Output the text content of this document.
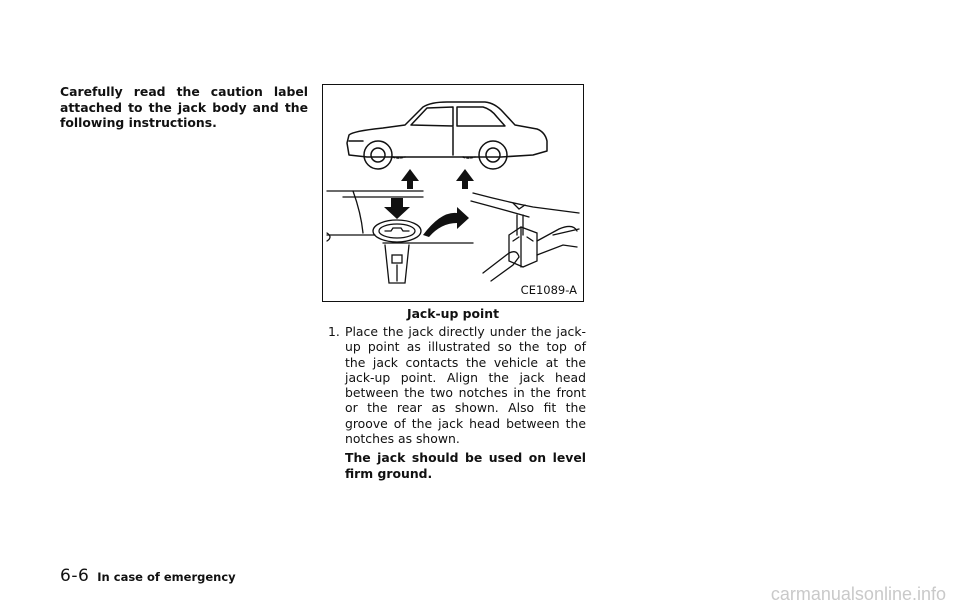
Carefully read the caution label attached to the jack body and the following instructions.
CE1089-A
Jack-up point
1. Place the jack directly under the jack-up point as illustrated so the top of the jack contacts the vehicle at the jack-up point. Align the jack head between the two notches in the front or the rear as shown. Also fit the groove of the jack head between the notches as shown.
The jack should be used on level firm ground.
6-6 In case of emergency
carmanualsonline.info
